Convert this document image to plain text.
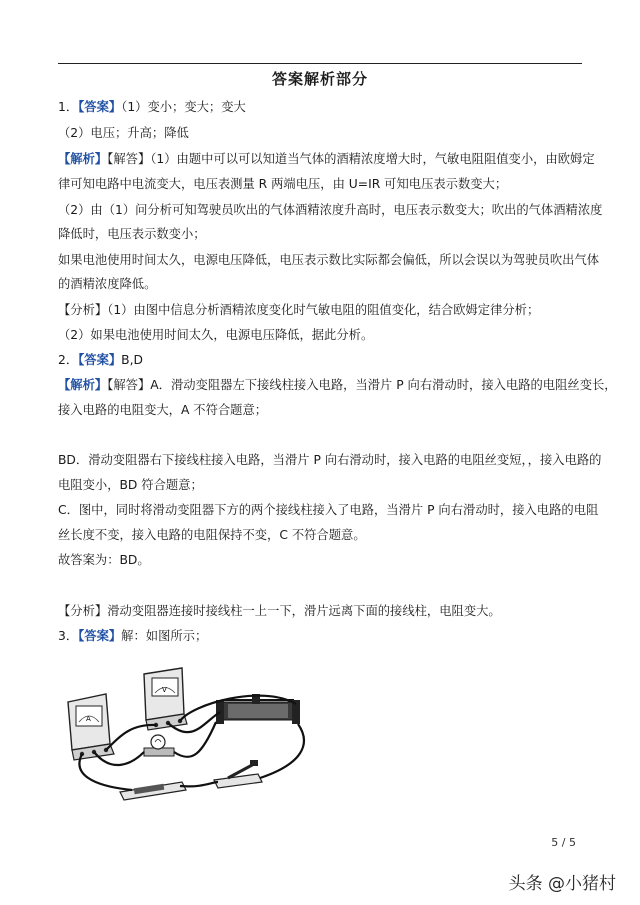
答案解析部分
1．【答案】（1）变小；变大；变大
（2）电压；升高；降低
【解析】【解答】（1）由题中可以可以知道当气体的酒精浓度增大时，气敏电阻阻值变小，由欧姆定
律可知电路中电流变大，电压表测量 R 两端电压，由 U=IR 可知电压表示数变大；
（2）由（1）问分析可知驾驶员吹出的气体酒精浓度升高时，电压表示数变大；吹出的气体酒精浓度
降低时，电压表示数变小；
如果电池使用时间太久，电源电压降低，电压表示数比实际都会偏低，所以会误以为驾驶员吹出气体
的酒精浓度降低。
【分析】（1）由图中信息分析酒精浓度变化时气敏电阻的阻值变化，结合欧姆定律分析；
（2）如果电池使用时间太久，电源电压降低，据此分析。
2．【答案】B,D
【解析】【解答】A．滑动变阻器左下接线柱接入电路，当滑片 P 向右滑动时，接入电路的电阻丝变长，
接入电路的电阻变大，A 不符合题意；
BD．滑动变阻器右下接线柱接入电路，当滑片 P 向右滑动时，接入电路的电阻丝变短，，接入电路的
电阻变小，BD 符合题意；
C．图中，同时将滑动变阻器下方的两个接线柱接入了电路，当滑片 P 向右滑动时，接入电路的电阻
丝长度不变，接入电路的电阻保持不变，C 不符合题意。
故答案为：BD。
【分析】滑动变阻器连接时接线柱一上一下，滑片远离下面的接线柱，电阻变大。
3．【答案】解：如图所示；
A
V
5 / 5
头条 @小猪村
